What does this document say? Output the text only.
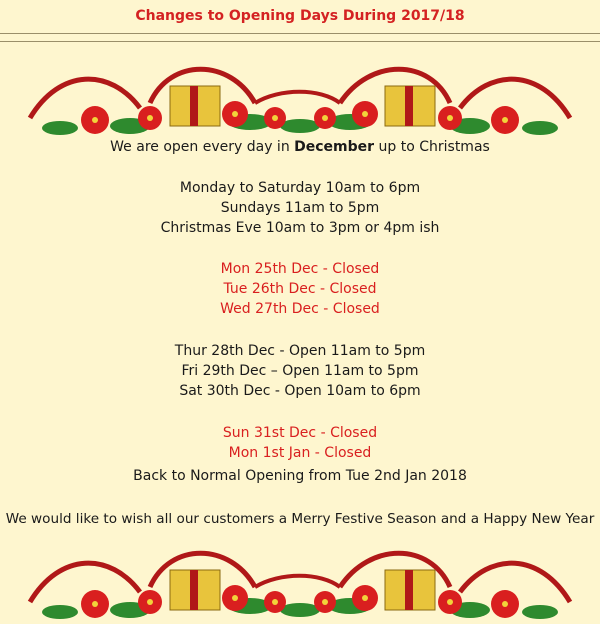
Changes to Opening Days During 2017/18
We are open every day in December up to Christmas
Monday to Saturday 10am to 6pm
Sundays 11am to 5pm
Christmas Eve 10am to 3pm or 4pm ish
Mon 25th Dec - Closed
Tue 26th Dec - Closed
Wed 27th Dec - Closed
Thur 28th Dec - Open 11am to 5pm
Fri 29th Dec – Open 11am to 5pm
Sat 30th Dec - Open 10am to 6pm
Sun 31st Dec - Closed
Mon 1st Jan - Closed
Back to Normal Opening from Tue 2nd Jan 2018
We would like to wish all our customers a Merry Festive Season and a Happy New Year
